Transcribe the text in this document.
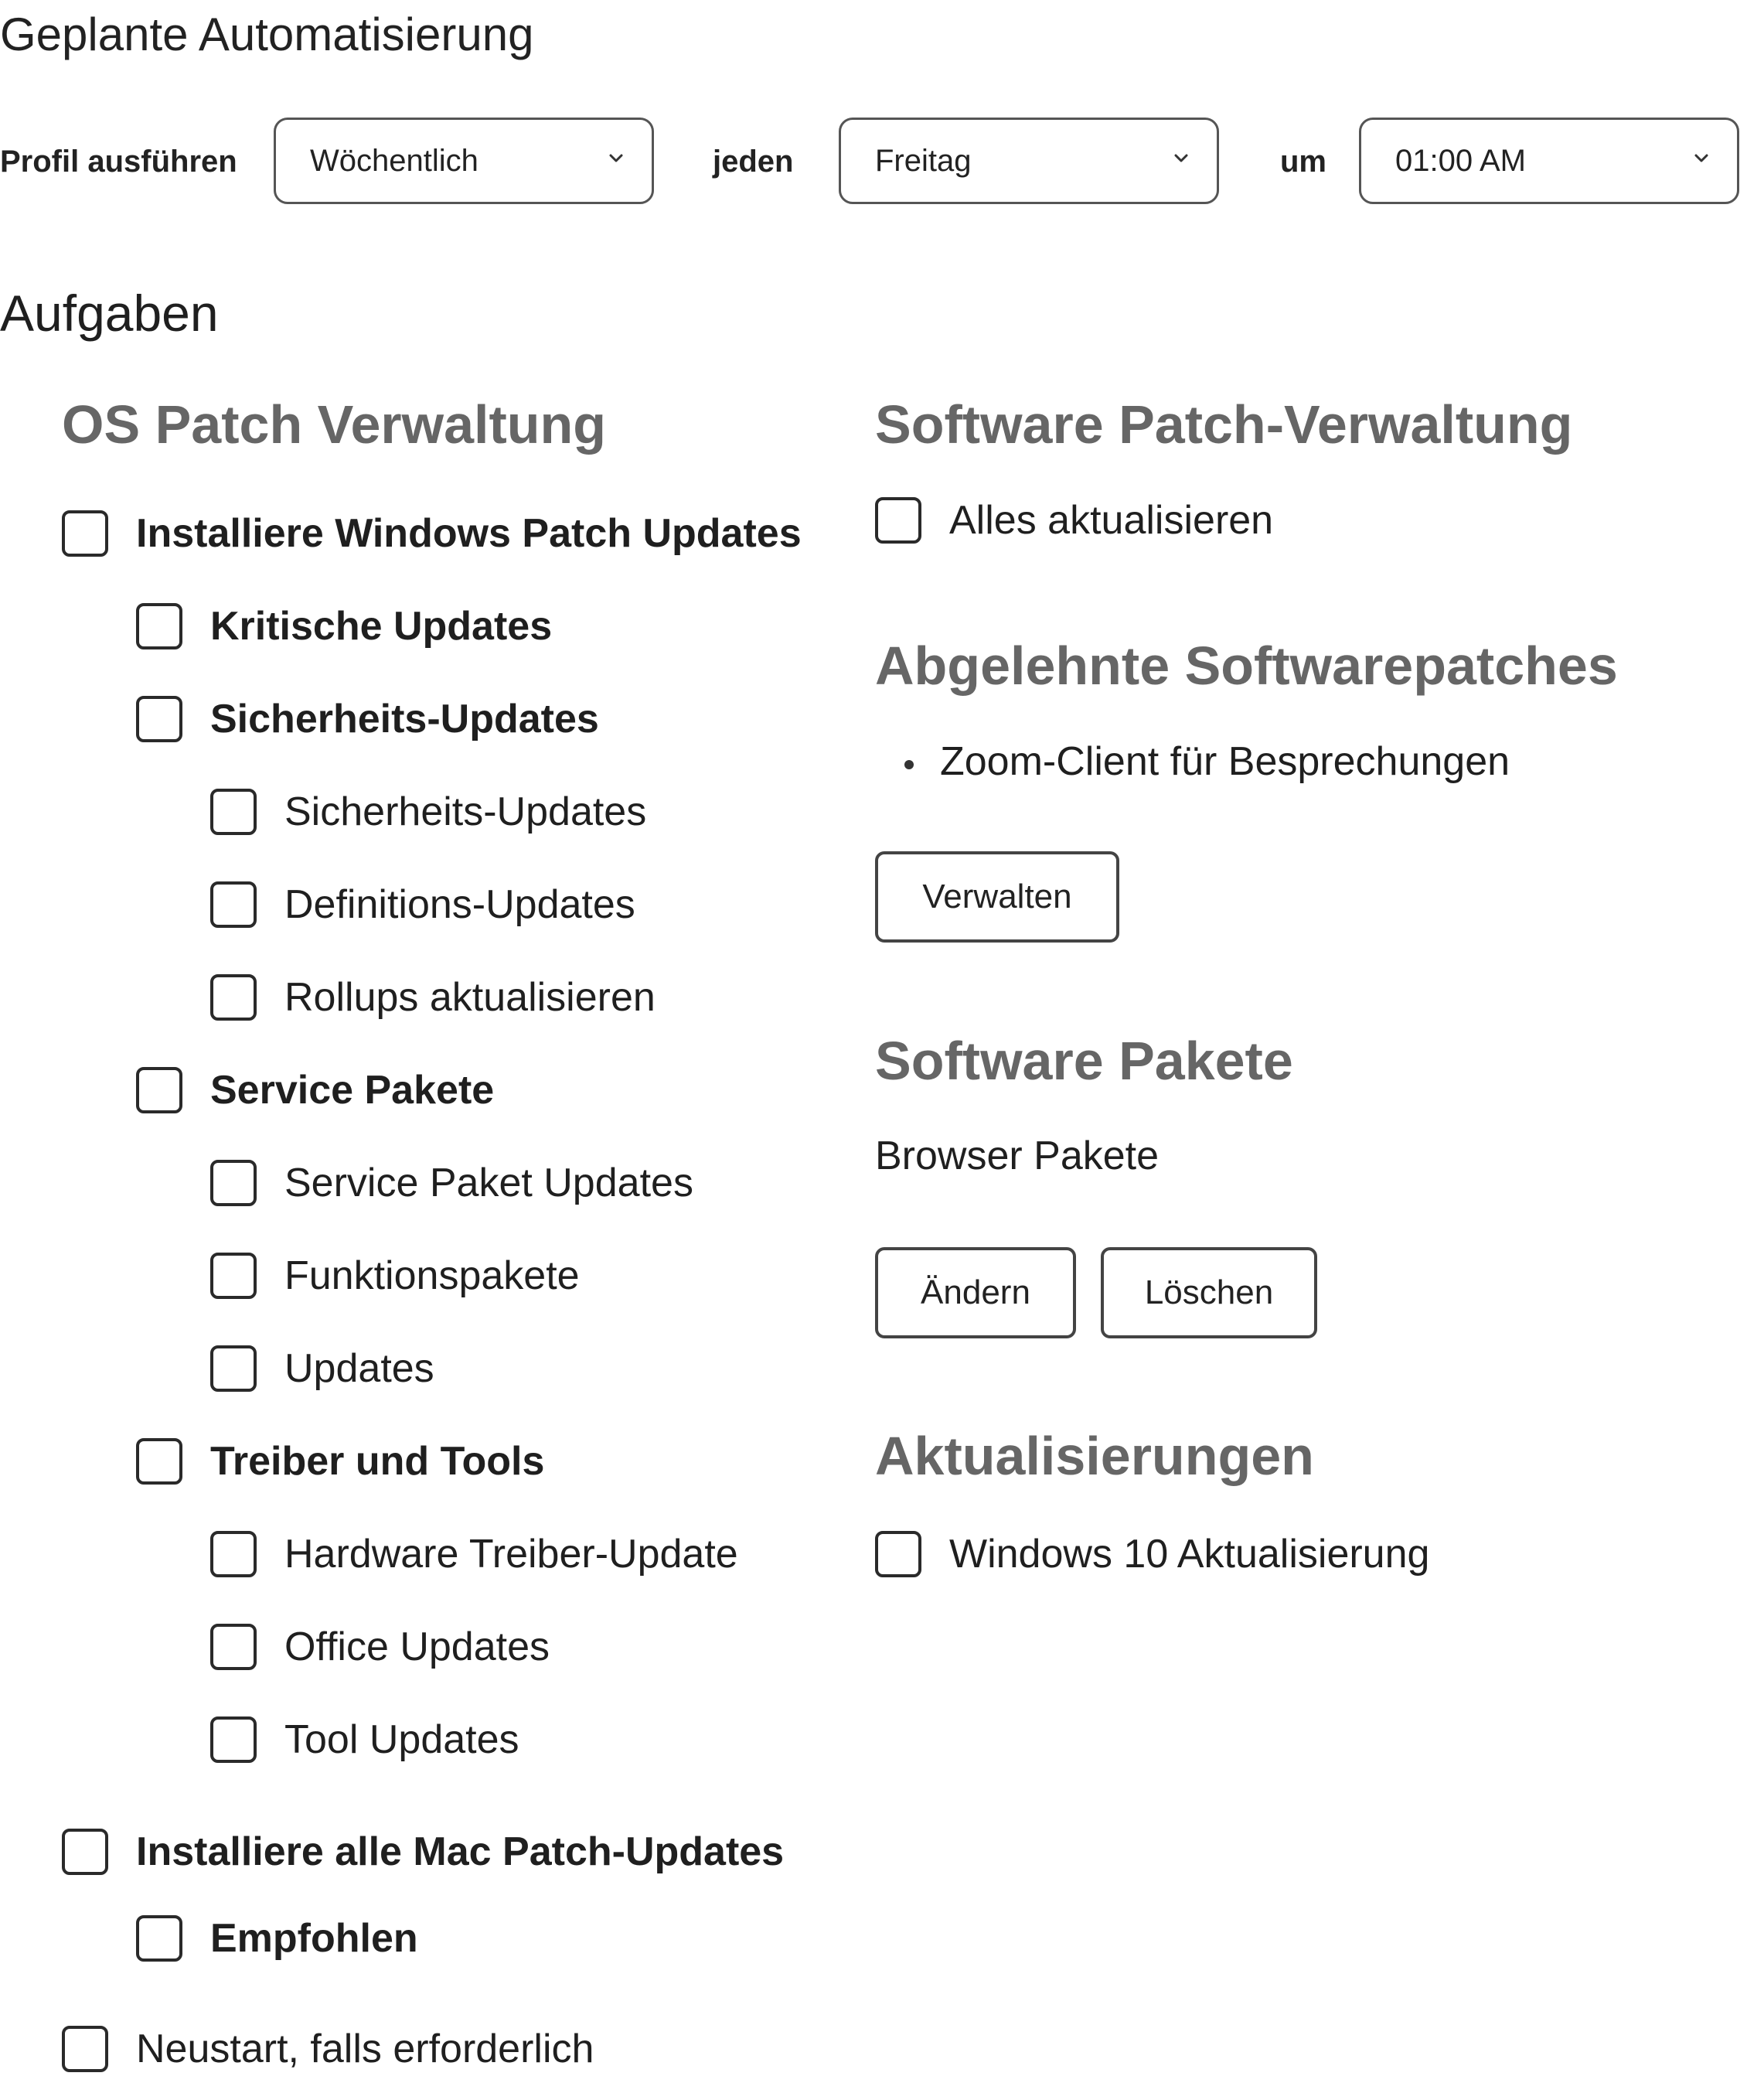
Geplante Automatisierung
Profil ausführen Wöchentlich	jeden	Freitag	um 01:00 AM
Aufgaben
OS Patch Verwaltung
Installiere Windows Patch Updates
Kritische Updates
Sicherheits-Updates
Sicherheits-Updates
Definitions-Updates
Rollups aktualisieren
Service Pakete
Service Paket Updates
Funktionspakete
Updates
Treiber und Tools
Hardware Treiber-Update
Office Updates
Tool Updates
Installiere alle Mac Patch-Updates
Empfohlen
Neustart, falls erforderlich
Software Patch-Verwaltung
Alles aktualisieren
Abgelehnte Softwarepatches
Zoom-Client für Besprechungen
Verwalten
Software Pakete
Browser Pakete
Ändern	Löschen
Aktualisierungen
Windows 10 Aktualisierung
